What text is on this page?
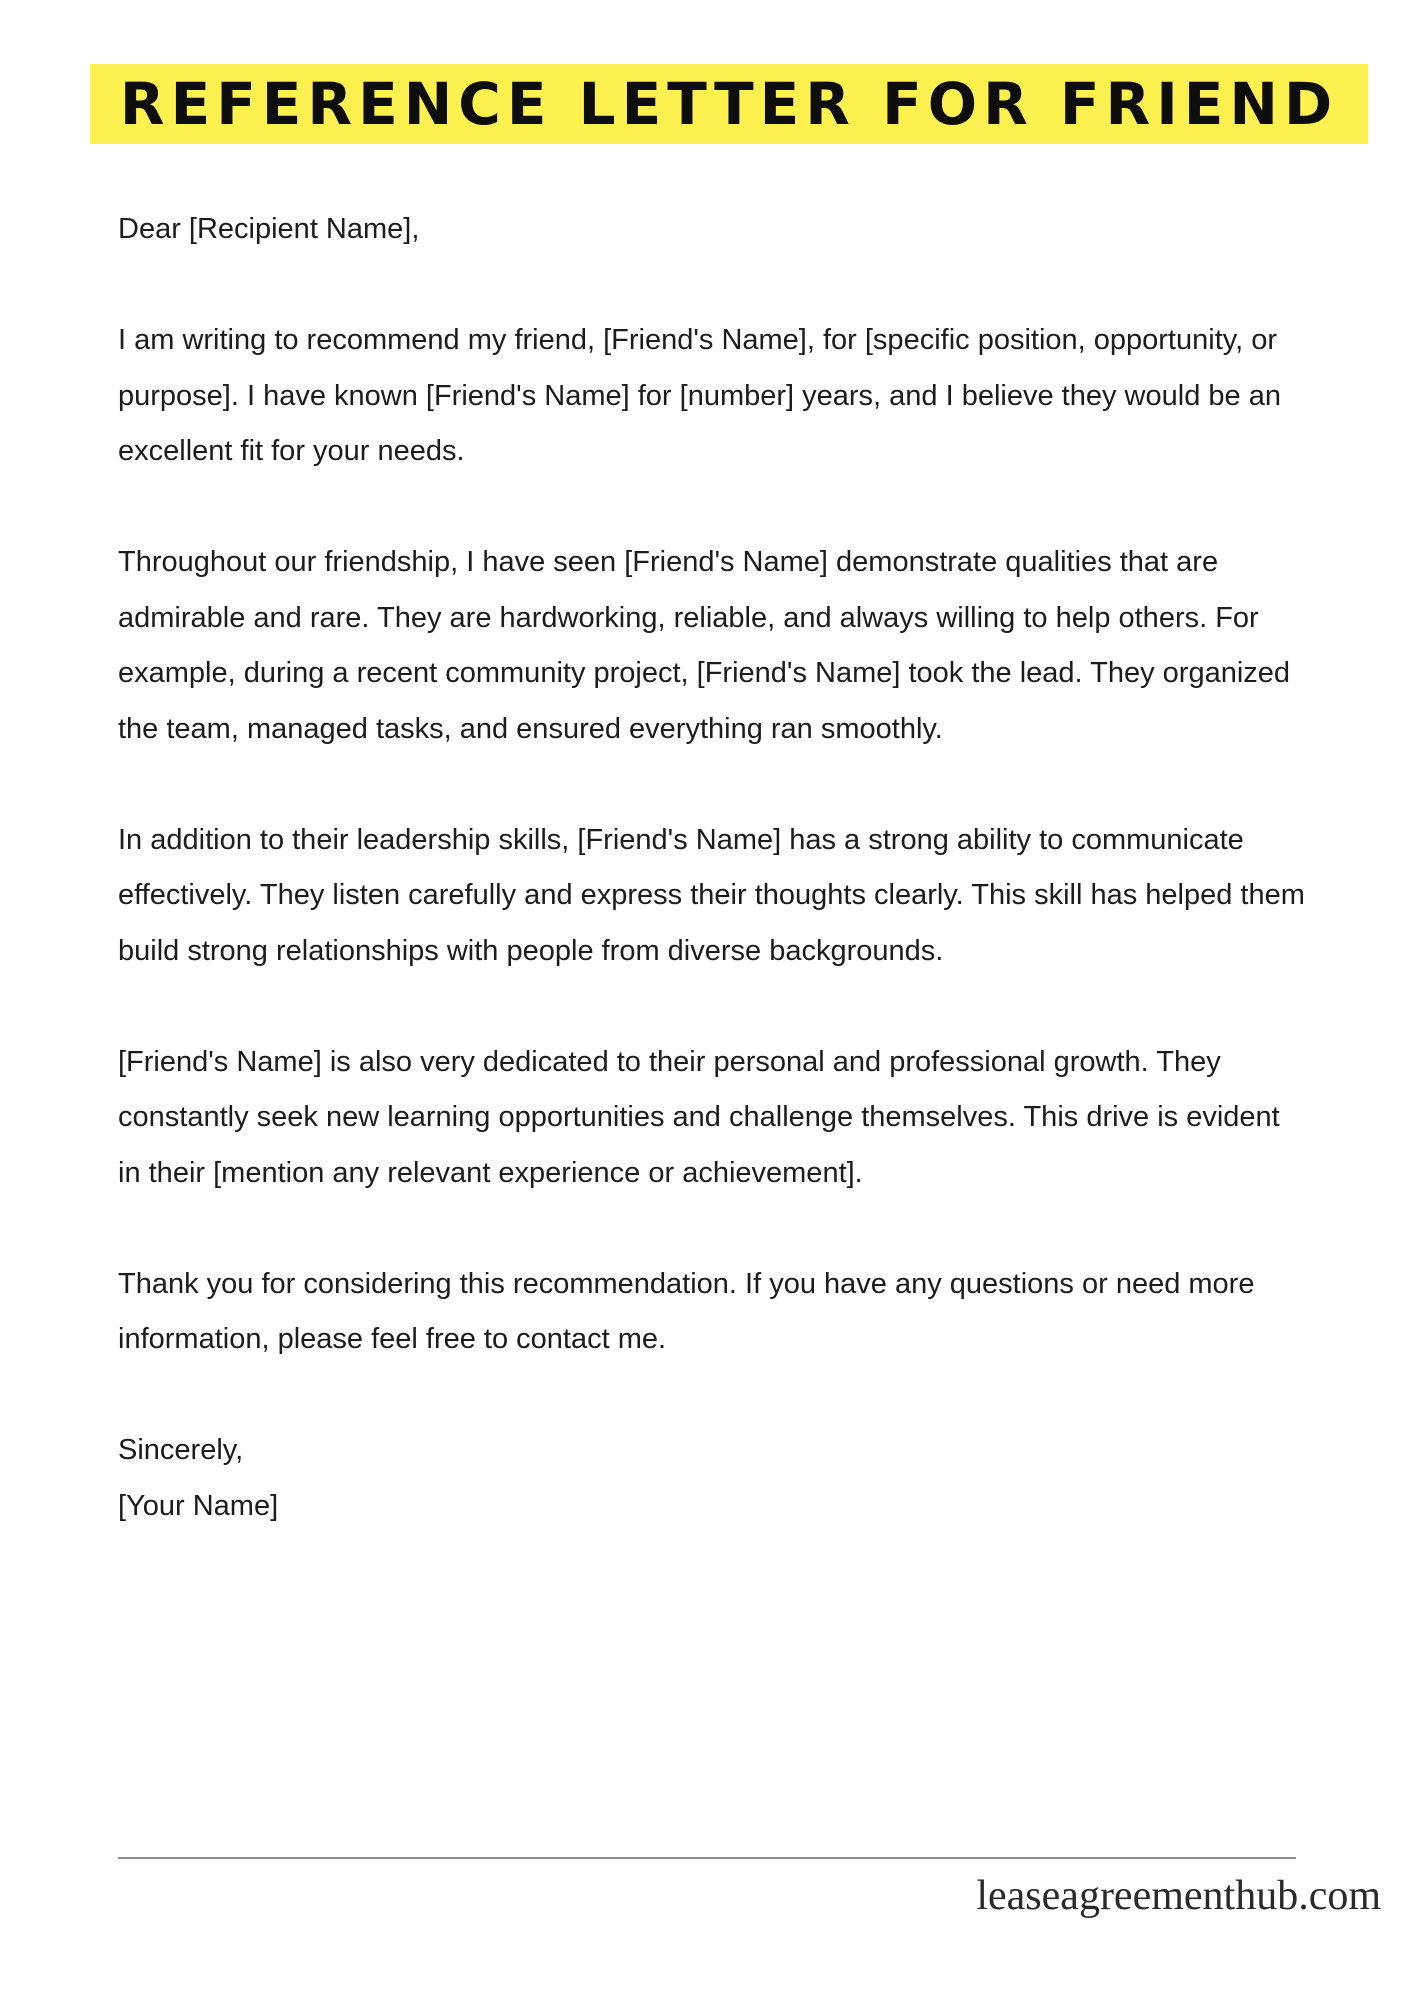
REFERENCE LETTER FOR FRIEND

Dear [Recipient Name],

I am writing to recommend my friend, [Friend's Name], for [specific position, opportunity, or purpose]. I have known [Friend's Name] for [number] years, and I believe they would be an excellent fit for your needs.

Throughout our friendship, I have seen [Friend's Name] demonstrate qualities that are admirable and rare. They are hardworking, reliable, and always willing to help others. For example, during a recent community project, [Friend's Name] took the lead. They organized the team, managed tasks, and ensured everything ran smoothly.

In addition to their leadership skills, [Friend's Name] has a strong ability to communicate effectively. They listen carefully and express their thoughts clearly. This skill has helped them build strong relationships with people from diverse backgrounds.

[Friend's Name] is also very dedicated to their personal and professional growth. They constantly seek new learning opportunities and challenge themselves. This drive is evident in their [mention any relevant experience or achievement].

Thank you for considering this recommendation. If you have any questions or need more information, please feel free to contact me.

Sincerely,
[Your Name]
leaseagreementhub.com
